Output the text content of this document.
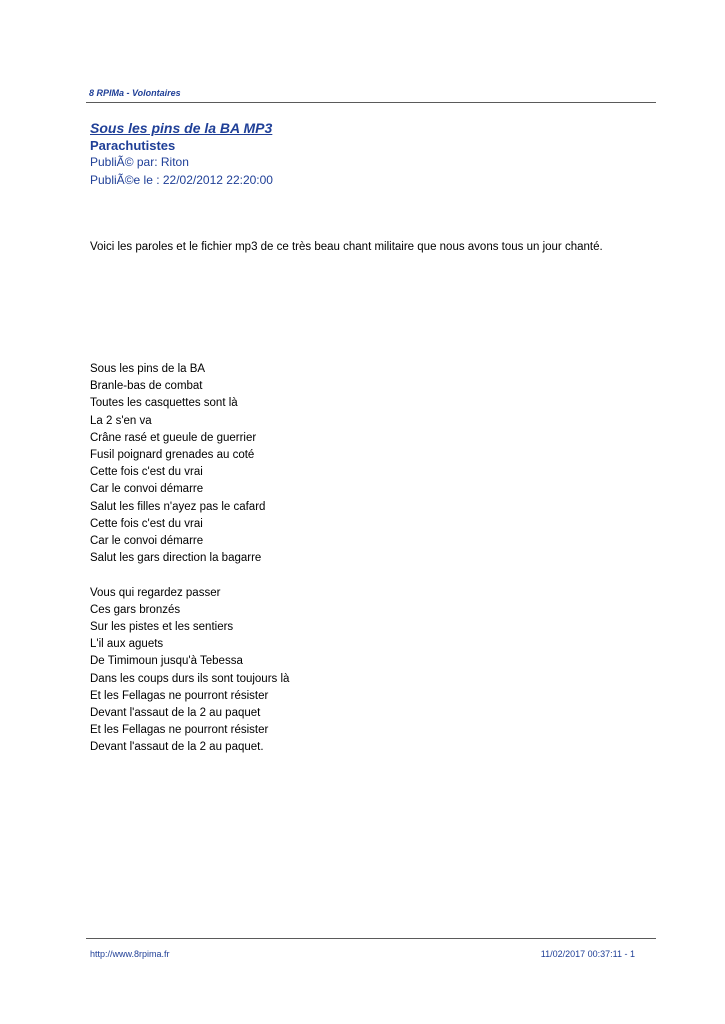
8 RPIMa - Volontaires
Sous les pins de la BA MP3
Parachutistes
PubliÃ© par: Riton
PubliÃ©e le : 22/02/2012 22:20:00
Voici les paroles et le fichier mp3 de ce très beau chant militaire que nous avons tous un jour chanté.
Sous les pins de la BA
Branle-bas de combat
Toutes les casquettes sont là
La 2 s'en va
Crâne rasé et gueule de guerrier
Fusil poignard grenades au coté
Cette fois c'est du vrai
Car le convoi démarre
Salut les filles n'ayez pas le cafard
Cette fois c'est du vrai
Car le convoi démarre
Salut les gars direction la bagarre
Vous qui regardez passer
Ces gars bronzés
Sur les pistes et les sentiers
L'il aux aguets
De Timimoun jusqu'à Tebessa
Dans les coups durs ils sont toujours là
Et les Fellagas ne pourront résister
Devant l'assaut de la 2 au paquet
Et les Fellagas ne pourront résister
Devant l'assaut de la 2 au paquet.
http://www.8rpima.fr	11/02/2017 00:37:11 - 1
